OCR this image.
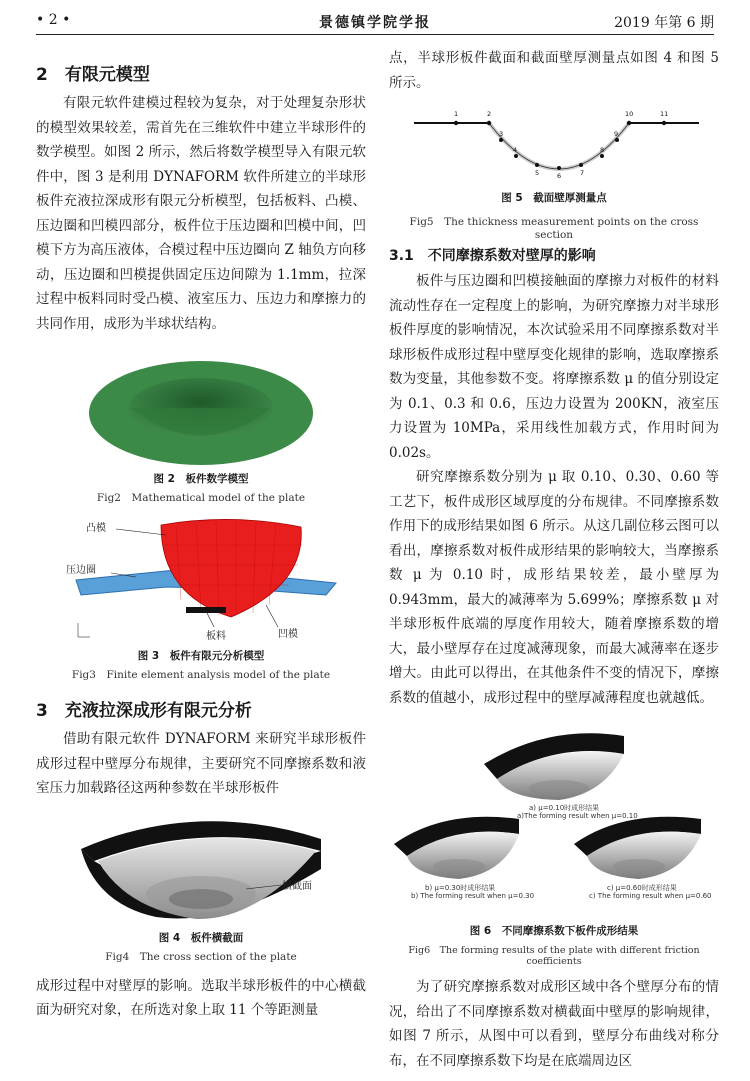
• 2 •	景德镇学院学报	2019 年第 6 期
2　有限元模型

有限元软件建模过程较为复杂，对于处理复杂形状的模型效果较差，需首先在三维软件中建立半球形件的数学模型。如图 2 所示，然后将数学模型导入有限元软件中，图 3 是利用 DYNAFORM 软件所建立的半球形板件充液拉深成形有限元分析模型，包括板料、凸模、压边圈和凹模四部分，板件位于压边圈和凹模中间，凹模下方为高压液体，合模过程中压边圈向 Z 轴负方向移动，压边圈和凹模提供固定压边间隙为 1.1mm，拉深过程中板料同时受凸模、液室压力、压边力和摩擦力的共同作用，成形为半球状结构。

图 2　板件数学模型
Fig2　Mathematical model of the plate
凸模
压边圈
板料	凹模
图 3　板件有限元分析模型
Fig3　Finite element analysis model of the plate
3　充液拉深成形有限元分析

借助有限元软件 DYNAFORM 来研究半球形板件成形过程中壁厚分布规律，主要研究不同摩擦系数和液室压力加载路径这两种参数在半球形板件

横截面
图 4　板件横截面
Fig4　The cross section of the plate

成形过程中对壁厚的影响。选取半球形板件的中心横截面为研究对象，在所选对象上取 11 个等距测量

点，半球形板件截面和截面壁厚测量点如图 4 和图 5 所示。

1	2
3
4
5	6	7
8
9
10	11
图 5　截面壁厚测量点
Fig5　The thickness measurement points on the cross section
3.1　不同摩擦系数对壁厚的影响

板件与压边圈和凹模接触面的摩擦力对板件的材料流动性存在一定程度上的影响，为研究摩擦力对半球形板件厚度的影响情况，本次试验采用不同摩擦系数对半球形板件成形过程中壁厚变化规律的影响，选取摩擦系数为变量，其他参数不变。将摩擦系数 μ 的值分别设定为 0.1、0.3 和 0.6，压边力设置为 200KN，液室压力设置为 10MPa，采用线性加载方式，作用时间为 0.02s。

研究摩擦系数分别为 μ 取 0.10、0.30、0.60 等工艺下，板件成形区域厚度的分布规律。不同摩擦系数作用下的成形结果如图 6 所示。从这几副位移云图可以看出，摩擦系数对板件成形结果的影响较大，当摩擦系数 μ 为 0.10 时，成形结果较差，最小壁厚为 0.943mm，最大的减薄率为 5.699%；摩擦系数 μ 对半球形板件底端的厚度作用较大，随着摩擦系数的增大，最小壁厚存在过度减薄现象，而最大减薄率在逐步增大。由此可以得出，在其他条件不变的情况下，摩擦系数的值越小，成形过程中的壁厚减薄程度也就越低。

a) μ=0.10时成形结果
a)The forming result when μ=0.10
b) μ=0.30时成形结果
b) The forming result when μ=0.30
c) μ=0.60时成形结果
c) The forming result when μ=0.60
图 6　不同摩擦系数下板件成形结果
Fig6　The forming results of the plate with different friction coefficients

为了研究摩擦系数对成形区域中各个壁厚分布的情况，给出了不同摩擦系数对横截面中壁厚的影响规律，如图 7 所示，从图中可以看到，壁厚分布曲线对称分布，在不同摩擦系数下均是在底端周边区
